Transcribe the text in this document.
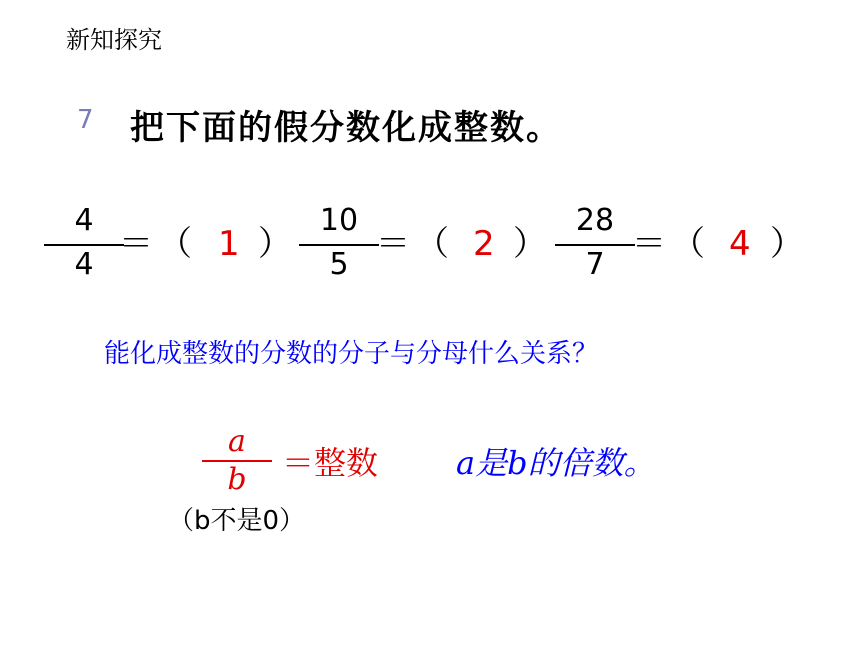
新知探究
7 把下面的假分数化成整数。
4
4
＝ （ 1 ）
10
5
＝ （ 2 ）
28
7
＝ （ 4 ）
能化成整数的分数的分子与分母什么关系？
a
b	＝整数
（b不是0）
a是b的倍数。
